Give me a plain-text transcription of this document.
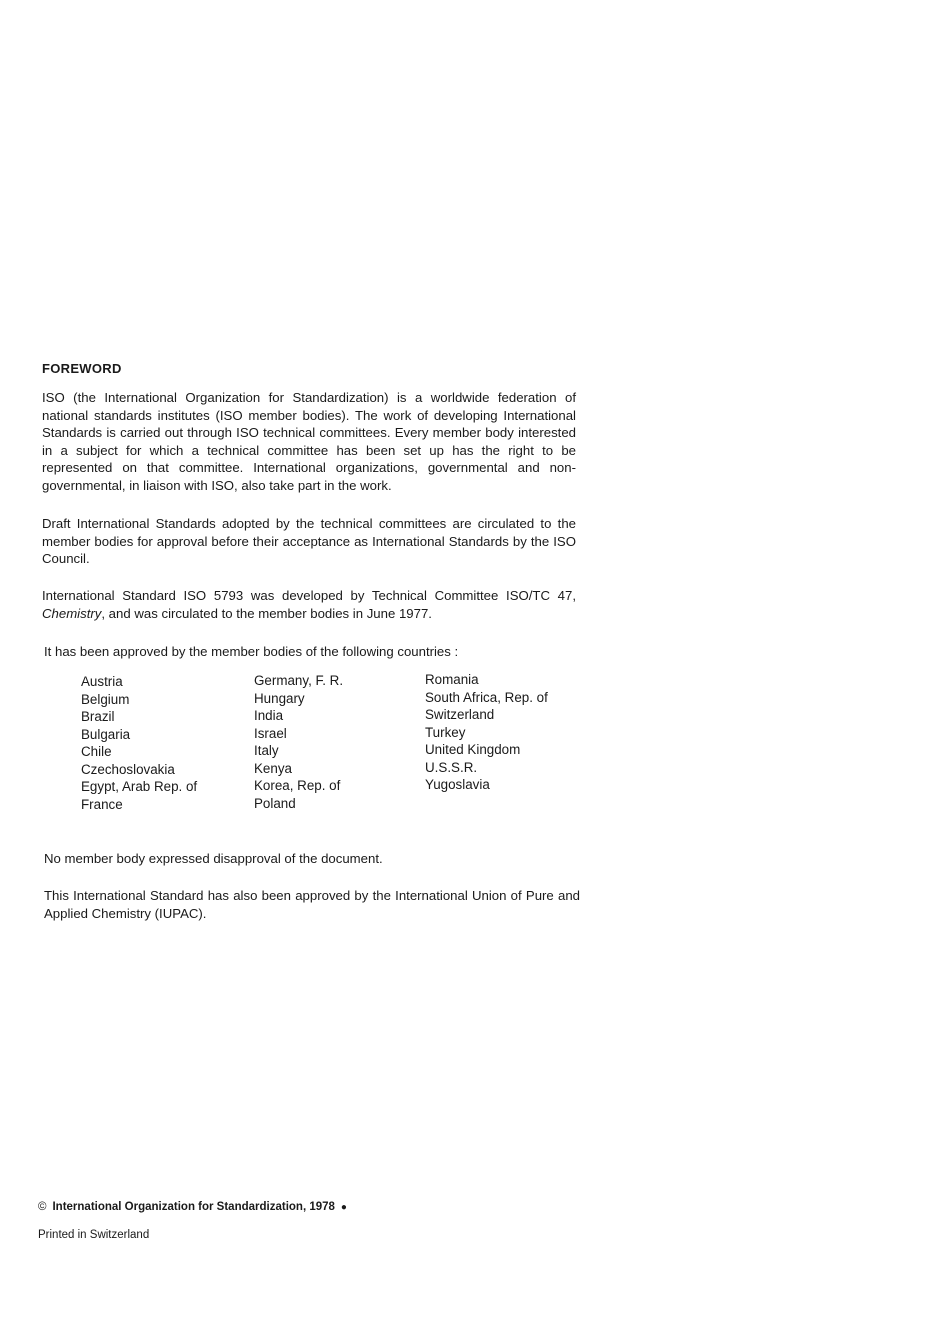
FOREWORD

ISO (the International Organization for Standardization) is a worldwide federation of national standards institutes (ISO member bodies). The work of developing International Standards is carried out through ISO technical committees. Every member body interested in a subject for which a technical committee has been set up has the right to be represented on that committee. International organizations, governmental and non-governmental, in liaison with ISO, also take part in the work.

Draft International Standards adopted by the technical committees are circulated to the member bodies for approval before their acceptance as International Standards by the ISO Council.

International Standard ISO 5793 was developed by Technical Committee ISO/TC 47, Chemistry, and was circulated to the member bodies in June 1977.

It has been approved by the member bodies of the following countries :

Austria
Belgium
Brazil
Bulgaria
Chile
Czechoslovakia
Egypt, Arab Rep. of
France
Germany, F. R.
Hungary
India
Israel
Italy
Kenya
Korea, Rep. of
Poland
Romania
South Africa, Rep. of
Switzerland
Turkey
United Kingdom
U.S.S.R.
Yugoslavia

No member body expressed disapproval of the document.

This International Standard has also been approved by the International Union of Pure and Applied Chemistry (IUPAC).

© International Organization for Standardization, 1978 ●
Printed in Switzerland
